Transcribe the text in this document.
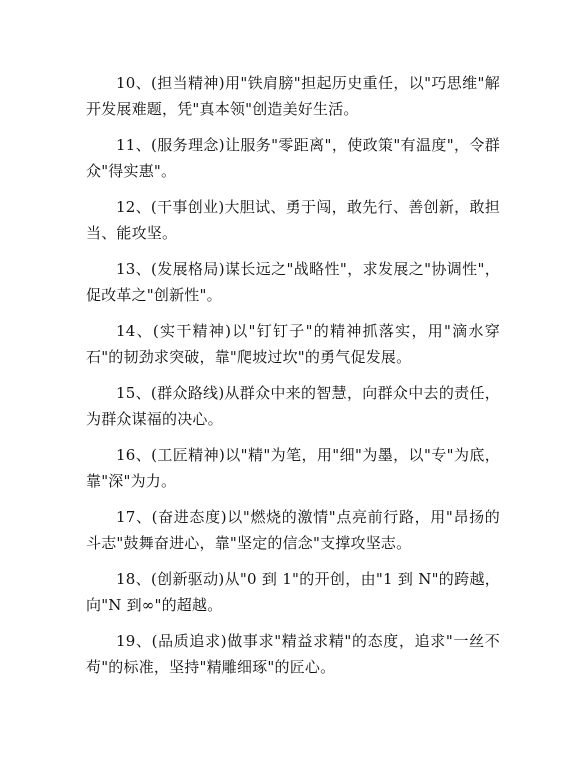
10、(担当精神)用"铁肩膀"担起历史重任，以"巧思维"解开发展难题，凭"真本领"创造美好生活。

11、(服务理念)让服务"零距离"，使政策"有温度"，令群众"得实惠"。

12、(干事创业)大胆试、勇于闯，敢先行、善创新，敢担当、能攻坚。

13、(发展格局)谋长远之"战略性"，求发展之"协调性"，促改革之"创新性"。

14、(实干精神)以"钉钉子"的精神抓落实，用"滴水穿石"的韧劲求突破，靠"爬坡过坎"的勇气促发展。

15、(群众路线)从群众中来的智慧，向群众中去的责任，为群众谋福的决心。

16、(工匠精神)以"精"为笔，用"细"为墨，以"专"为底，靠"深"为力。

17、(奋进态度)以"燃烧的激情"点亮前行路，用"昂扬的斗志"鼓舞奋进心，靠"坚定的信念"支撑攻坚志。

18、(创新驱动)从"0 到 1"的开创，由"1 到 N"的跨越，向"N 到∞"的超越。

19、(品质追求)做事求"精益求精"的态度，追求"一丝不苟"的标准，坚持"精雕细琢"的匠心。
